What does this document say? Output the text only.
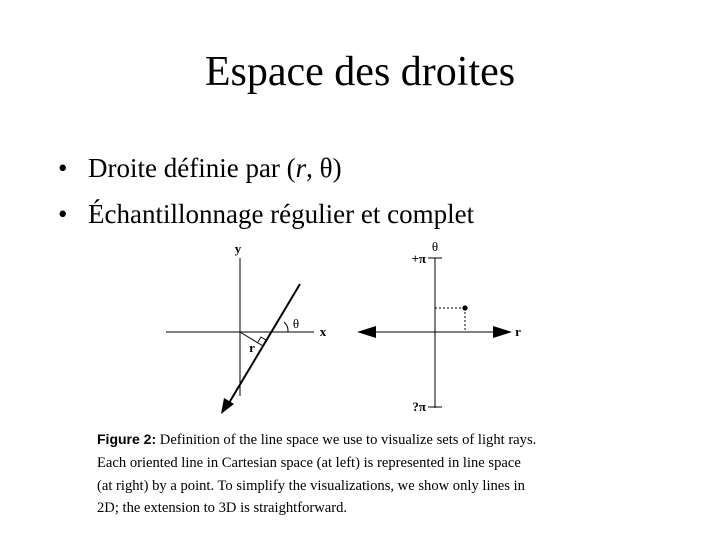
Espace des droites
• Droite définie par (r, θ)
• Échantillonnage régulier et complet
y
x
θ
r
θ
+π
?π
r
Figure 2: Definition of the line space we use to visualize sets of light rays.
Each oriented line in Cartesian space (at left) is represented in line space
(at right) by a point. To simplify the visualizations, we show only lines in
2D; the extension to 3D is straightforward.
